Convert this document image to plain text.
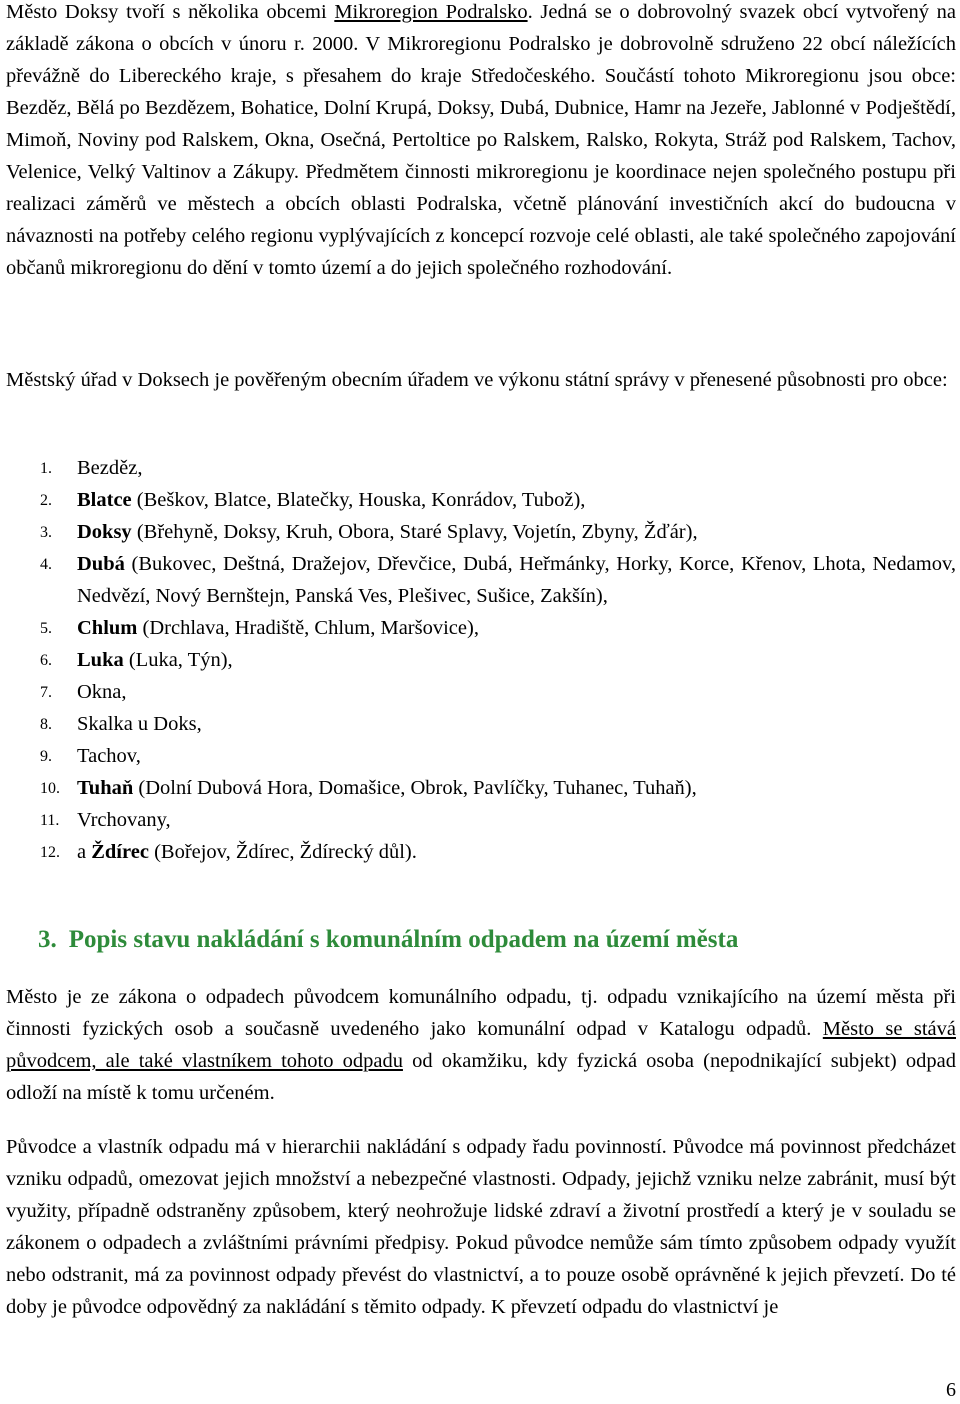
Město Doksy tvoří s několika obcemi Mikroregion Podralsko. Jedná se o dobrovolný svazek obcí vytvořený na základě zákona o obcích v únoru r. 2000. V Mikroregionu Podralsko je dobrovolně sdruženo 22 obcí náležících převážně do Libereckého kraje, s přesahem do kraje Středočeského. Součástí tohoto Mikroregionu jsou obce: Bezděz, Bělá po Bezdězem, Bohatice, Dolní Krupá, Doksy, Dubá, Dubnice, Hamr na Jezeře, Jablonné v Podještědí, Mimoň, Noviny pod Ralskem, Okna, Osečná, Pertoltice po Ralskem, Ralsko, Rokyta, Stráž pod Ralskem, Tachov, Velenice, Velký Valtinov a Zákupy. Předmětem činnosti mikroregionu je koordinace nejen společného postupu při realizaci záměrů ve městech a obcích oblasti Podralska, včetně plánování investičních akcí do budoucna v návaznosti na potřeby celého regionu vyplývajících z koncepcí rozvoje celé oblasti, ale také společného zapojování občanů mikroregionu do dění v tomto území a do jejich společného rozhodování.

Městský úřad v Doksech je pověřeným obecním úřadem ve výkonu státní správy v přenesené působnosti pro obce:

1. Bezděz,
2. Blatce (Beškov, Blatce, Blatečky, Houska, Konrádov, Tubož),
3. Doksy (Břehyně, Doksy, Kruh, Obora, Staré Splavy, Vojetín, Zbyny, Žďár),
4. Dubá (Bukovec, Deštná, Dražejov, Dřevčice, Dubá, Heřmánky, Horky, Korce, Křenov, Lhota, Nedamov, Nedvězí, Nový Bernštejn, Panská Ves, Plešivec, Sušice, Zakšín),
5. Chlum (Drchlava, Hradiště, Chlum, Maršovice),
6. Luka (Luka, Týn),
7. Okna,
8. Skalka u Doks,
9. Tachov,
10. Tuhaň (Dolní Dubová Hora, Domašice, Obrok, Pavlíčky, Tuhanec, Tuhaň),
11. Vrchovany,
12. a Ždírec (Bořejov, Ždírec, Ždírecký důl).
3. Popis stavu nakládání s komunálním odpadem na území města

Město je ze zákona o odpadech původcem komunálního odpadu, tj. odpadu vznikajícího na území města při činnosti fyzických osob a současně uvedeného jako komunální odpad v Katalogu odpadů. Město se stává původcem, ale také vlastníkem tohoto odpadu od okamžiku, kdy fyzická osoba (nepodnikající subjekt) odpad odloží na místě k tomu určeném.

Původce a vlastník odpadu má v hierarchii nakládání s odpady řadu povinností. Původce má povinnost předcházet vzniku odpadů, omezovat jejich množství a nebezpečné vlastnosti. Odpady, jejichž vzniku nelze zabránit, musí být využity, případně odstraněny způsobem, který neohrožuje lidské zdraví a životní prostředí a který je v souladu se zákonem o odpadech a zvláštními právními předpisy. Pokud původce nemůže sám tímto způsobem odpady využít nebo odstranit, má za povinnost odpady převést do vlastnictví, a to pouze osobě oprávněné k jejich převzetí. Do té doby je původce odpovědný za nakládání s těmito odpady. K převzetí odpadu do vlastnictví je

6
